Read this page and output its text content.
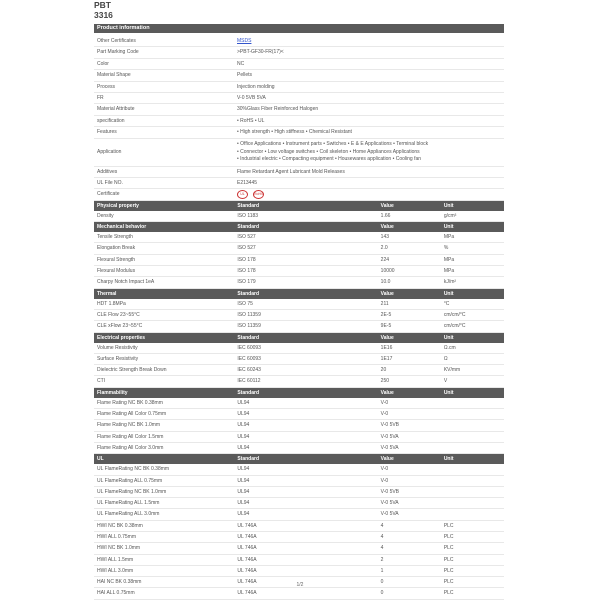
PBT
3316
Product information
Other Certificates	MSDS
Part Marking Code	>PBT-GF30-FR(17)<
Color	NC
Material Shape	Pellets
Process	Injection molding
FR	V-0 5VB 5VA
Material Attribute	30%Glass Fiber Reinforced Halogen
specification	• RoHS • UL
Features	• High strength • High stiffness • Chemical Resistant
Application	• Office Applications • Instrument parts • Switches • E & E Applications • Terminal block
• Connector • Low voltage switches • Coil skeleton • Home Appliances Applications
• Industrial electric • Compacting equipment • Housewares application • Cooling fan

Additives	Flame Retardant Agent Lubricant Mold Releases
UL File NO.	E213445
Certificate	UL RoHS
Physical property	Standard	Value	Unit
Density	ISO 1183	1.66	g/cm³
Mechanical behavior	Standard	Value	Unit
Tensile Strength	ISO 527	143	MPa
Elongation Break	ISO 527	2.0	%
Flexural Strength	ISO 178	224	MPa
Flexural Modulus	ISO 178	10000	MPa
Charpy Notch Impact 1eA	ISO 179	10.0	kJ/m²
Thermal	Standard	Value	Unit
HDT 1.8MPa	ISO 75	211	°C
CLE Flow 23~55°C	ISO 11359	2E-5	cm/cm/°C
CLE xFlow 23~55°C	ISO 11359	9E-5	cm/cm/°C
Electrical properties	Standard	Value	Unit
Volume Resistivity	IEC 60093	1E16	Ω.cm
Surface Resistivity	IEC 60093	1E17	Ω
Dielectric Strength Break Down	IEC 60243	20	KV/mm
CTI	IEC 60112	250	V
Flammability	Standard	Value	Unit
Flame Rating NC BK 0.38mm	UL94	V-0	
Flame Rating All Color 0.75mm	UL94	V-0	
Flame Rating NC BK 1.0mm	UL94	V-0 5VB	
Flame Rating All Color 1.5mm	UL94	V-0 5VA	
Flame Rating All Color 3.0mm	UL94	V-0 5VA	
UL	Standard	Value	Unit
UL FlameRating NC BK 0.38mm	UL94	V-0	
UL FlameRating ALL 0.75mm	UL94	V-0	
UL FlameRating NC BK 1.0mm	UL94	V-0 5VB	
UL FlameRating ALL 1.5mm	UL94	V-0 5VA	
UL FlameRating ALL 3.0mm	UL94	V-0 5VA	
HWI NC BK 0.38mm	UL 746A	4	PLC
HWI ALL 0.75mm	UL 746A	4	PLC
HWI NC BK 1.0mm	UL 746A	4	PLC
HWI ALL 1.5mm	UL 746A	2	PLC
HWI ALL 3.0mm	UL 746A	1	PLC
HAI NC BK 0.38mm	UL 746A	0	PLC
HAI ALL 0.75mm	UL 746A	0	PLC
1/2
